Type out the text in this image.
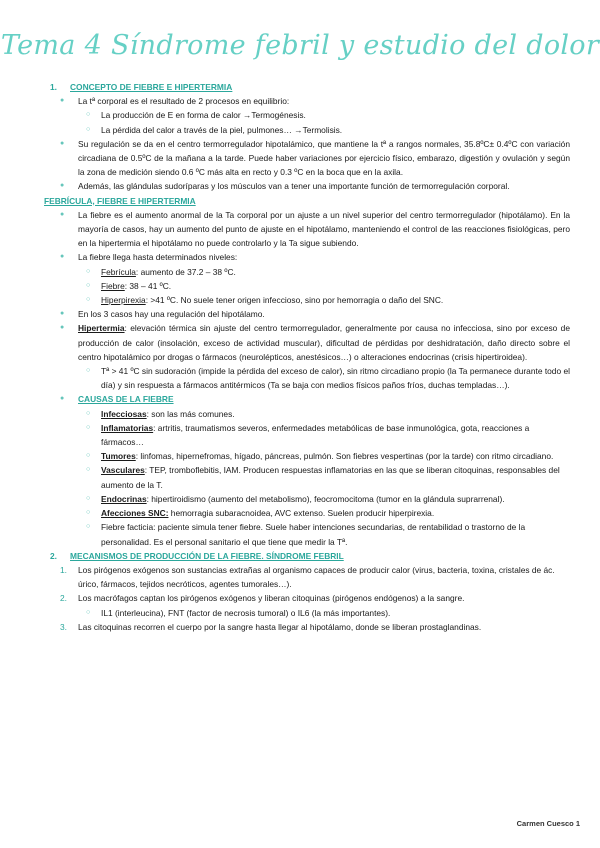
Tema 4 Síndrome febril y estudio del dolor
1. CONCEPTO DE FIEBRE E HIPERTERMIA
● La tª corporal es el resultado de 2 procesos en equilibrio:
○ La producción de E en forma de calor →Termogénesis.
○ La pérdida del calor a través de la piel, pulmones… →Termolisis.
● Su regulación se da en el centro termorregulador hipotalámico, que mantiene la tª a rangos normales, 35.8ºC± 0.4ºC con variación circadiana de 0.5ºC de la mañana a la tarde. Puede haber variaciones por ejercicio físico, embarazo, digestión y ovulación y según la zona de medición siendo 0.6 ºC más alta en recto y 0.3 ºC en la boca que en la axila.
● Además, las glándulas sudoríparas y los músculos van a tener una importante función de termorregulación corporal.
FEBRÍCULA, FIEBRE E HIPERTERMIA
● La fiebre es el aumento anormal de la Ta corporal por un ajuste a un nivel superior del centro termorregulador (hipotálamo). En la mayoría de casos, hay un aumento del punto de ajuste en el hipotálamo, manteniendo el control de las reacciones fisiológicas, pero en la hipertermia el hipotálamo no puede controlarlo y la Ta sigue subiendo.
● La fiebre llega hasta determinados niveles:
○ Febrícula: aumento de 37.2 – 38 ºC.
○ Fiebre: 38 – 41 ºC.
○ Hiperpirexia: >41 ºC. No suele tener origen infeccioso, sino por hemorragia o daño del SNC.
● En los 3 casos hay una regulación del hipotálamo.
● Hipertermia: elevación térmica sin ajuste del centro termorregulador, generalmente por causa no infecciosa, sino por exceso de producción de calor (insolación, exceso de actividad muscular), dificultad de pérdidas por deshidratación, daño directo sobre el centro hipotalámico por drogas o fármacos (neurolépticos, anestésicos…) o alteraciones endocrinas (crisis hipertiroidea).
○ Tª > 41 ºC sin sudoración (impide la pérdida del exceso de calor), sin ritmo circadiano propio (la Ta permanece durante todo el día) y sin respuesta a fármacos antitérmicos (Ta se baja con medios físicos paños fríos, duchas templadas…).
● CAUSAS DE LA FIEBRE
○ Infecciosas: son las más comunes.
○ Inflamatorias: artritis, traumatismos severos, enfermedades metabólicas de base inmunológica, gota, reacciones a fármacos…
○ Tumores: linfomas, hipernefromas, hígado, páncreas, pulmón. Son fiebres vespertinas (por la tarde) con ritmo circadiano.
○ Vasculares: TEP, tromboflebitis, IAM. Producen respuestas inflamatorias en las que se liberan citoquinas, responsables del aumento de la T.
○ Endocrinas: hipertiroidismo (aumento del metabolismo), feocromocitoma (tumor en la glándula suprarrenal).
○ Afecciones SNC: hemorragia subaracnoidea, AVC extenso. Suelen producir hiperpirexia.
○ Fiebre facticia: paciente simula tener fiebre. Suele haber intenciones secundarias, de rentabilidad o trastorno de la personalidad. Es el personal sanitario el que tiene que medir la Tª.
2. MECANISMOS DE PRODUCCIÓN DE LA FIEBRE. SÍNDROME FEBRIL
1. Los pirógenos exógenos son sustancias extrañas al organismo capaces de producir calor (virus, bacteria, toxina, cristales de ác. úrico, fármacos, tejidos necróticos, agentes tumorales…).
2. Los macrófagos captan los pirógenos exógenos y liberan citoquinas (pirógenos endógenos) a la sangre.
○ IL1 (interleucina), FNT (factor de necrosis tumoral) o IL6 (la más importantes).
3. Las citoquinas recorren el cuerpo por la sangre hasta llegar al hipotálamo, donde se liberan prostaglandinas.
Carmen Cuesco 1
